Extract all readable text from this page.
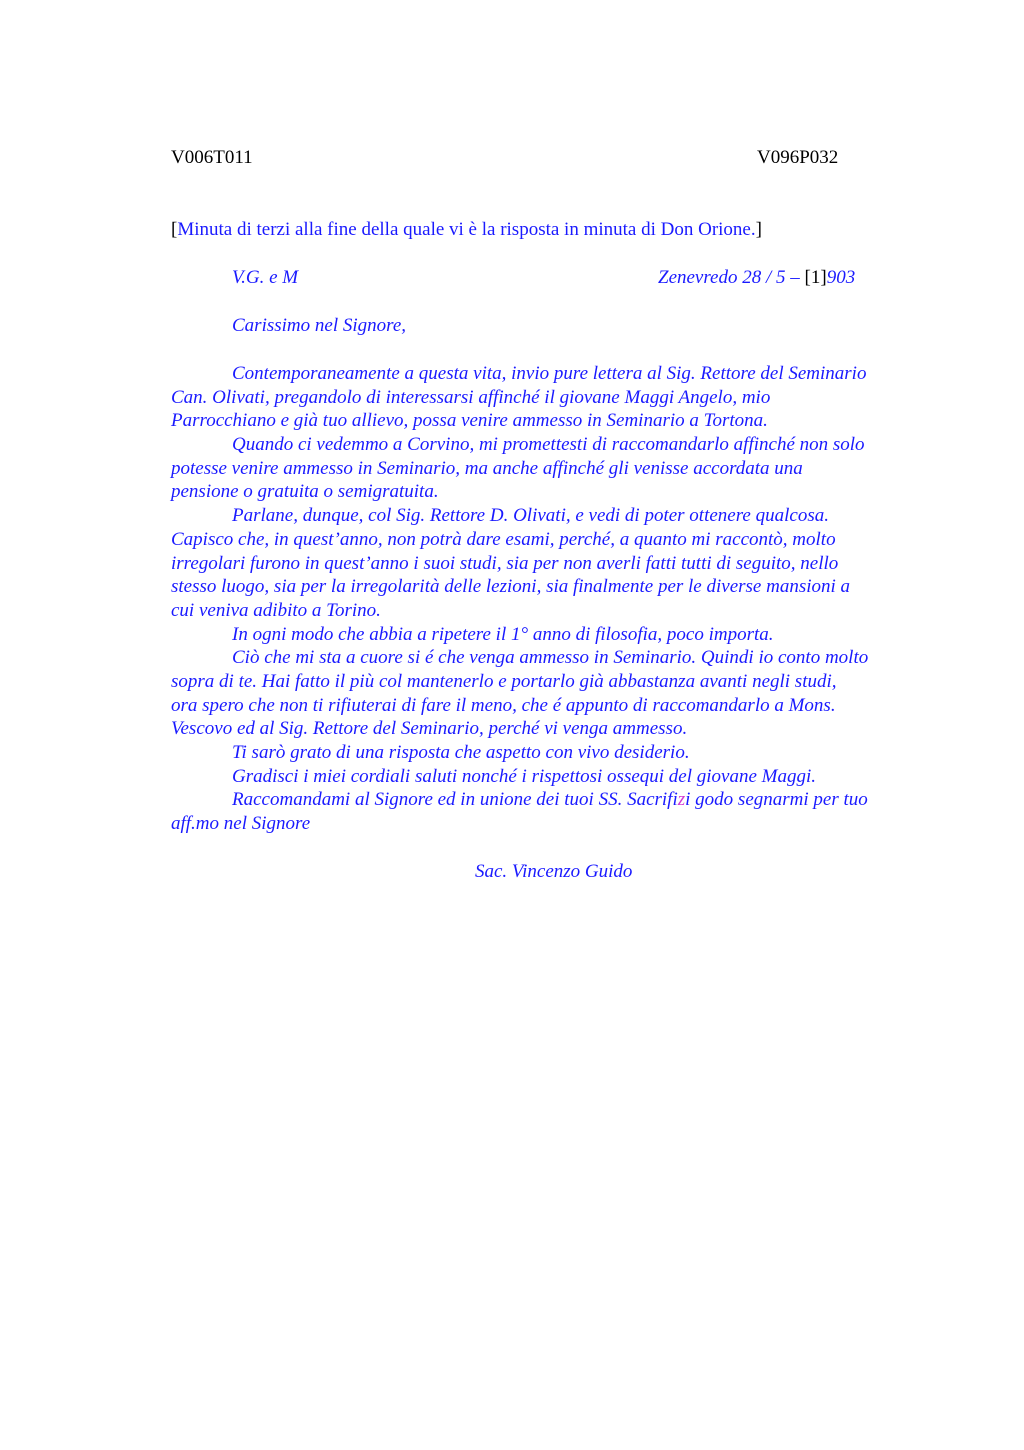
V006T011	V096P032
[Minuta di terzi alla fine della quale vi è la risposta in minuta di Don Orione.]
V.G. e M	Zenevredo 28 / 5 – [1]903
Carissimo nel Signore,
Contemporaneamente a questa vita, invio pure lettera al Sig. Rettore del Seminario
Can. Olivati, pregandolo di interessarsi affinché il giovane Maggi Angelo, mio
Parrocchiano e già tuo allievo, possa venire ammesso in Seminario a Tortona.
Quando ci vedemmo a Corvino, mi promettesti di raccomandarlo affinché non solo
potesse venire ammesso in Seminario, ma anche affinché gli venisse accordata una
pensione o gratuita o semigratuita.
Parlane, dunque, col Sig. Rettore D. Olivati, e vedi di poter ottenere qualcosa.
Capisco che, in quest’anno, non potrà dare esami, perché, a quanto mi raccontò, molto
irregolari furono in quest’anno i suoi studi, sia per non averli fatti tutti di seguito, nello
stesso luogo, sia per la irregolarità delle lezioni, sia finalmente per le diverse mansioni a
cui veniva adibito a Torino.
In ogni modo che abbia a ripetere il 1° anno di filosofia, poco importa.
Ciò che mi sta a cuore si é che venga ammesso in Seminario. Quindi io conto molto
sopra di te. Hai fatto il più col mantenerlo e portarlo già abbastanza avanti negli studi,
ora spero che non ti rifiuterai di fare il meno, che é appunto di raccomandarlo a Mons.
Vescovo ed al Sig. Rettore del Seminario, perché vi venga ammesso.
Ti sarò grato di una risposta che aspetto con vivo desiderio.
Gradisci i miei cordiali saluti nonché i rispettosi ossequi del giovane Maggi.
Raccomandami al Signore ed in unione dei tuoi SS. Sacrifizi godo segnarmi per tuo
aff.mo nel Signore
Sac. Vincenzo Guido
